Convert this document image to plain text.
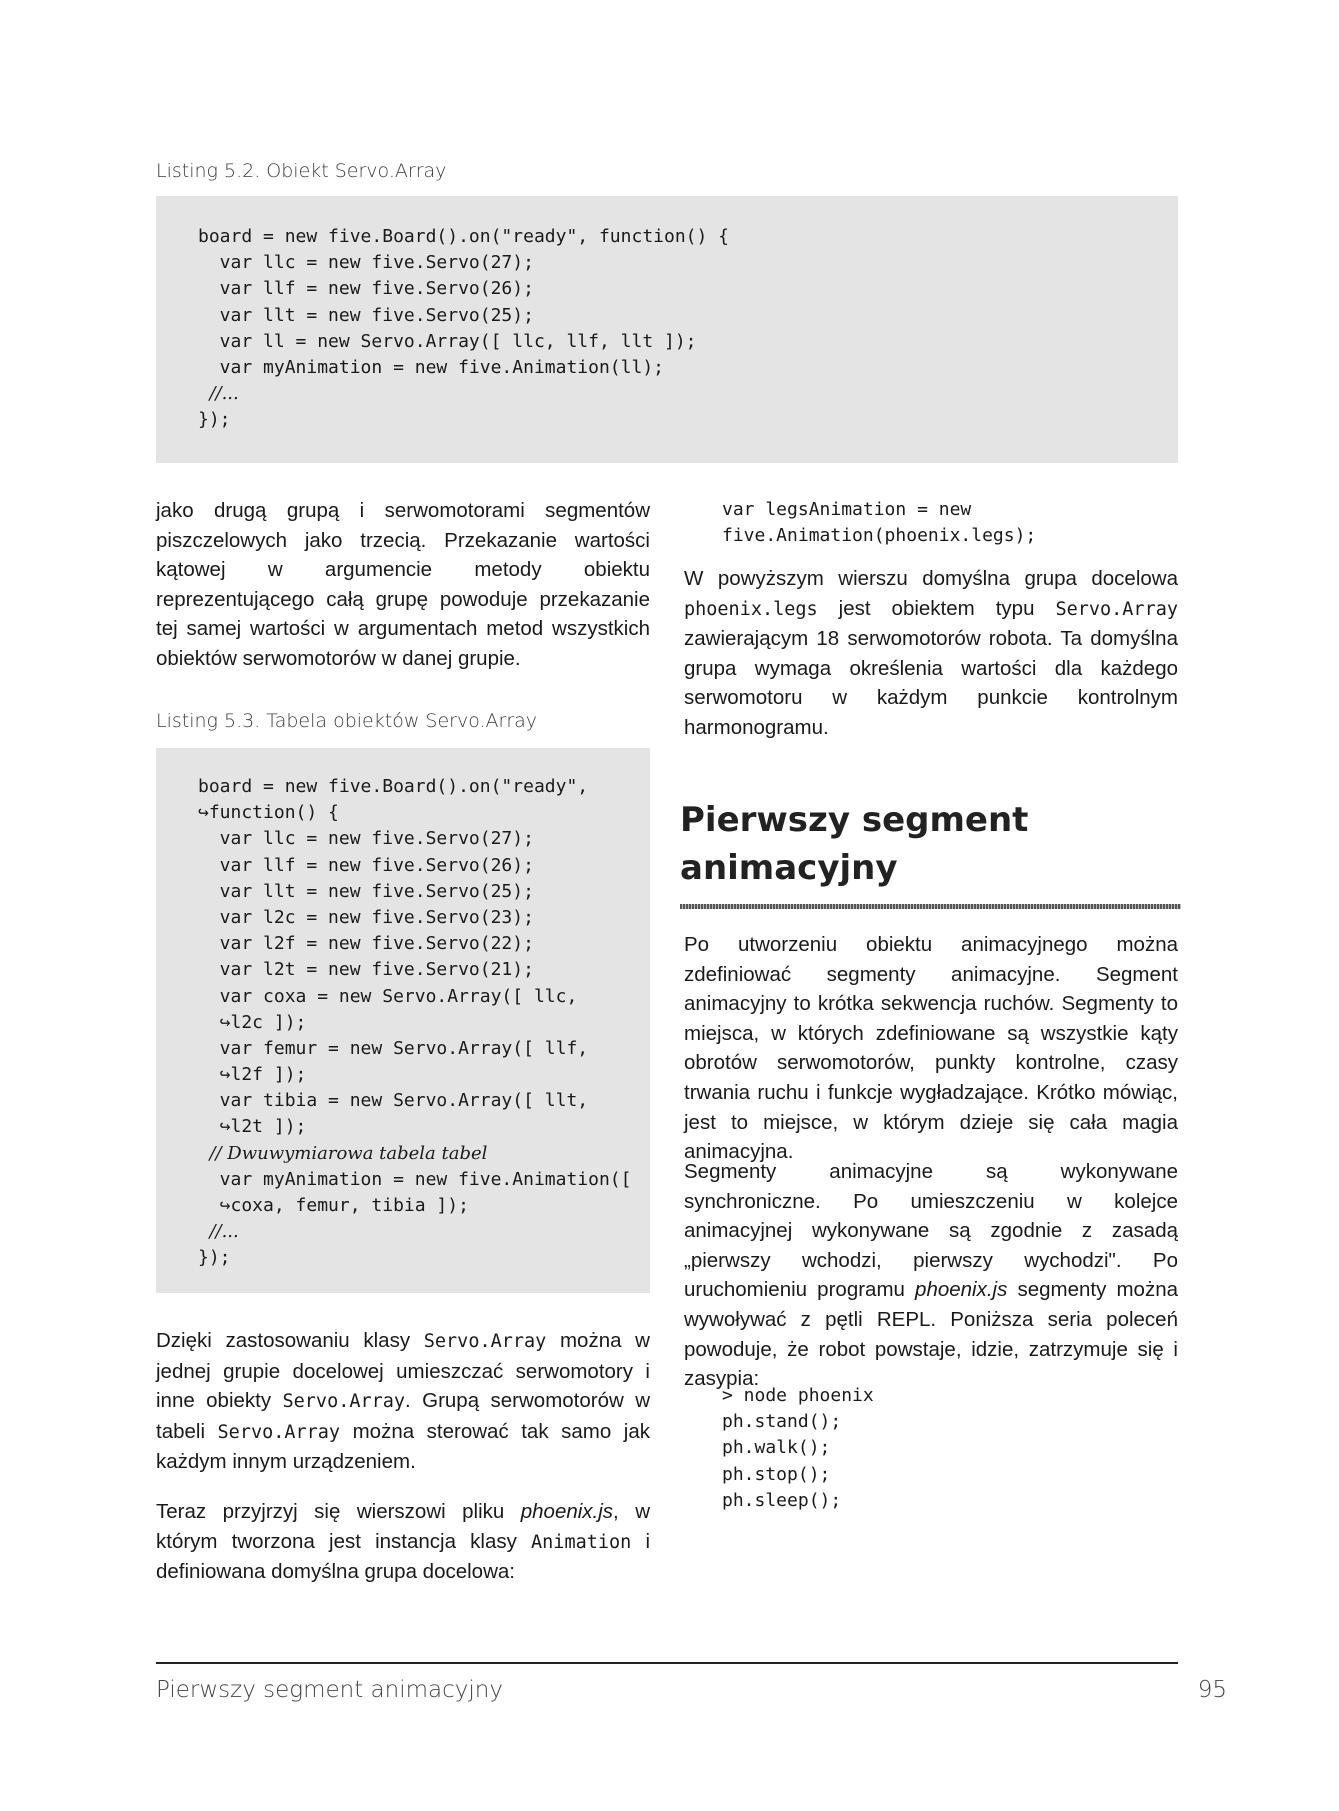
Listing 5.2. Obiekt Servo.Array
board = new five.Board().on("ready", function() {
var llc = new five.Servo(27);
var llf = new five.Servo(26);
var llt = new five.Servo(25);
var ll = new Servo.Array([ llc, llf, llt ]);
var myAnimation = new five.Animation(ll);
//...
});

jako drugą grupą i serwomotorami segmentów piszczelowych jako trzecią. Przekazanie wartości kątowej w argumencie metody obiektu reprezentującego całą grupę powoduje przekazanie tej samej wartości w argumentach metod wszystkich obiektów serwomotorów w danej grupie.

Listing 5.3. Tabela obiektów Servo.Array
board = new five.Board().on("ready",
↪function() {
var llc = new five.Servo(27);
var llf = new five.Servo(26);
var llt = new five.Servo(25);
var l2c = new five.Servo(23);
var l2f = new five.Servo(22);
var l2t = new five.Servo(21);
var coxa = new Servo.Array([ llc,
↪l2c ]);
var femur = new Servo.Array([ llf,
↪l2f ]);
var tibia = new Servo.Array([ llt,
↪l2t ]);
// Dwuwymiarowa tabela tabel
var myAnimation = new five.Animation([
↪coxa, femur, tibia ]);
//...
});

Dzięki zastosowaniu klasy Servo.Array można w jednej grupie docelowej umieszczać serwomotory i inne obiekty Servo.Array. Grupą serwomotorów w tabeli Servo.Array można sterować tak samo jak każdym innym urządzeniem.

Teraz przyjrzyj się wierszowi pliku phoenix.js, w którym tworzona jest instancja klasy Animation i definiowana domyślna grupa docelowa:

var legsAnimation = new
five.Animation(phoenix.legs);

W powyższym wierszu domyślna grupa docelowa phoenix.legs jest obiektem typu Servo.Array zawierającym 18 serwomotorów robota. Ta domyślna grupa wymaga określenia wartości dla każdego serwomotoru w każdym punkcie kontrolnym harmonogramu.

Pierwszy segment
animacyjny

Po utworzeniu obiektu animacyjnego można zdefiniować segmenty animacyjne. Segment animacyjny to krótka sekwencja ruchów. Segmenty to miejsca, w których zdefiniowane są wszystkie kąty obrotów serwomotorów, punkty kontrolne, czasy trwania ruchu i funkcje wygładzające. Krótko mówiąc, jest to miejsce, w którym dzieje się cała magia animacyjna.

Segmenty animacyjne są wykonywane synchroniczne. Po umieszczeniu w kolejce animacyjnej wykonywane są zgodnie z zasadą „pierwszy wchodzi, pierwszy wychodzi". Po uruchomieniu programu phoenix.js segmenty można wywoływać z pętli REPL. Poniższa seria poleceń powoduje, że robot powstaje, idzie, zatrzymuje się i zasypia:

> node phoenix
ph.stand();
ph.walk();
ph.stop();
ph.sleep();
Pierwszy segment animacyjny	95
